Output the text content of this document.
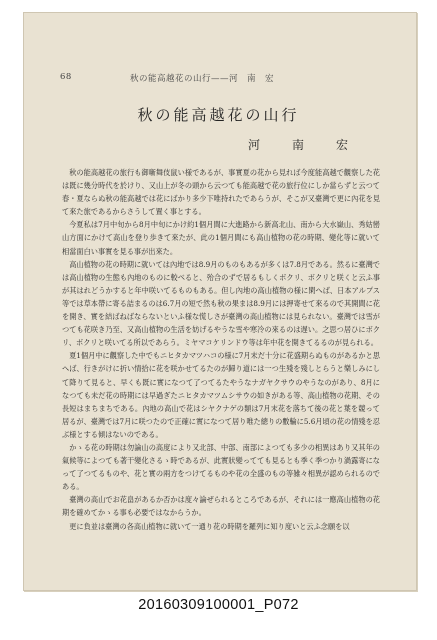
68	秋の能高越花の山行——河　南　宏
秋の能高越花の山行
河　南　宏

秋の能高越花の旅行も御噺舞伎鼠い様であるが、事實夏の花から見れば今度能高越で觀察した花は既に幾分時代を於けり、又山上が冬の頭から云つても能高越で花の旅行位にしか當らずと云つて春・夏ならぬ秋の能高越では花にばかり多少下唯持れたであらうが、そこが又臺灣で更に內花を見て來た旅であるからさうして置く事とする。

今夏私は7月中旬から8月中旬にかけ約1個月間に大進路から新高北山、南から大水嶽山、秀姑巒山方面にかけて高山を登り歩きて來たが、此の1個月間にも高山植物の花の時期、變化等に就いて相當面白い事實を見る事が出來た。

高山植物の花の時期に就いては內地では8.9月のものもあるが多くは7.8月である。然るに臺灣では高山植物の生態も內地のものに較べると、殆合のずで居るもしくボクリ、ボクリと咲くと云ふ事が其はれどうかすると年中咲いてるものもある。但し內地の高山植物の様に閑へば、日本アルプス等では草本帶に寄る詰まるのは6.7月の短で然も秋の果まは8.9月には押寄せて來るので其開間に花を開き、實を結ばねばならないといふ様な慌しさが臺灣の高山植物には見られない。臺灣では雪がつても花咲き乃至、又高山植物の生活を妨げるやうな雪や寒冷の來るのは遅い。之思つ居ひにボクリ、ボクリと咲いてる所以であらう。ミヤマコケリンドウ等は年中花を開きてるるのが見られる。

夏1個月中に觀察した中でもニヒタカマツハコの様に7月末だ十分に花盛期らぬものがあるかと思へば、行きがけに折い情拾に花を咲かせてるたのが歸り道には一つ生殘を殘しとらうと樂しみにして降りて見ると、早くも既に實になつて了つてるたやうなナガヤクサウのやうなのがあり、8月になつても未だ花の時期には早過ぎたニヒタカマツムシサウの如きがある等、高山植物の花期、その長短はまちまちである。內地の高山で花はシヤクナゲの類は7月末花を落ちて後の花と葉を競って居るが、臺灣では7月に咲つたので正確に實になつて居り唯た總りの數輪に5.6月頃の花の情殘を忍ぶ様とする傾はないのである。

かゝる花の時期は勿論山の高度により又北部、中部、南部によつても多少の相異はあり又其年の氣候等によつても著干變化さるゝ時であるが、此實狀變ってても見るとも季く季つかり渦露寄になって了つてるものや、花と實の兩方をつけてるものや花の全盛のもの等雑々相異が認められるのである。

臺灣の高山でお花畠があるか否かは度々論ぜられるところであるが、それには一應高山植物の花期を確めてかゝる事も必要ではなからうか。

更に負並は臺灣の各高山植物に就いて一通り花の時期を羅列に知り度いと云ふ念願を以

20160309100001_P072
